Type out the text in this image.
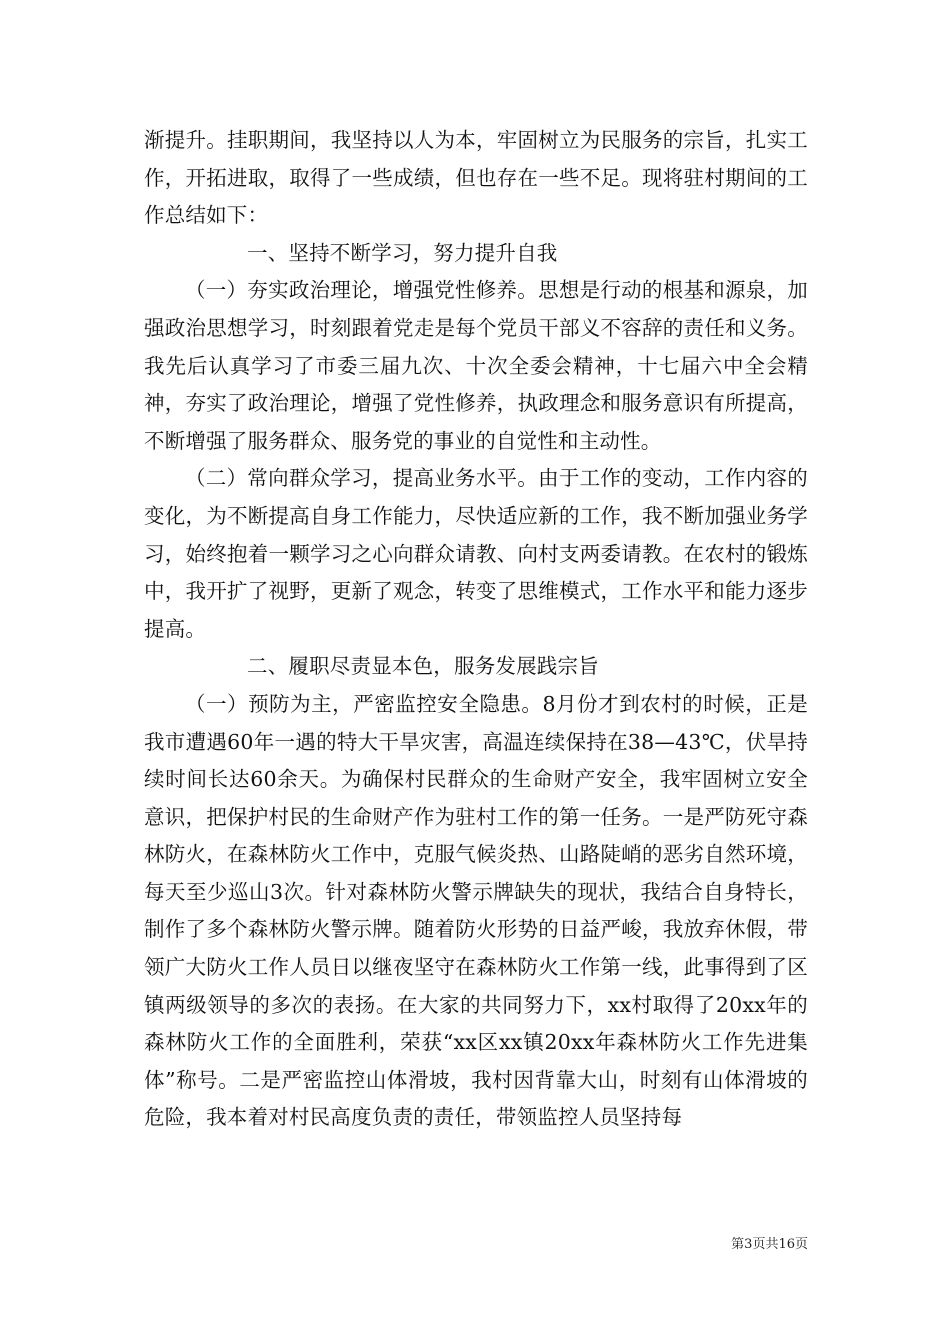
渐提升。挂职期间，我坚持以人为本，牢固树立为民服务的宗旨，扎实工作，开拓进取，取得了一些成绩，但也存在一些不足。现将驻村期间的工作总结如下：

一、坚持不断学习，努力提升自我

（一）夯实政治理论，增强党性修养。思想是行动的根基和源泉，加强政治思想学习，时刻跟着党走是每个党员干部义不容辞的责任和义务。我先后认真学习了市委三届九次、十次全委会精神，十七届六中全会精神，夯实了政治理论，增强了党性修养，执政理念和服务意识有所提高，不断增强了服务群众、服务党的事业的自觉性和主动性。

（二）常向群众学习，提高业务水平。由于工作的变动，工作内容的变化，为不断提高自身工作能力，尽快适应新的工作，我不断加强业务学习，始终抱着一颗学习之心向群众请教、向村支两委请教。在农村的锻炼中，我开扩了视野，更新了观念，转变了思维模式，工作水平和能力逐步提高。

二、履职尽责显本色，服务发展践宗旨

（一）预防为主，严密监控安全隐患。8月份才到农村的时候，正是我市遭遇60年一遇的特大干旱灾害，高温连续保持在38—43℃，伏旱持续时间长达60余天。为确保村民群众的生命财产安全，我牢固树立安全意识，把保护村民的生命财产作为驻村工作的第一任务。一是严防死守森林防火，在森林防火工作中，克服气候炎热、山路陡峭的恶劣自然环境，每天至少巡山3次。针对森林防火警示牌缺失的现状，我结合自身特长，制作了多个森林防火警示牌。随着防火形势的日益严峻，我放弃休假，带领广大防火工作人员日以继夜坚守在森林防火工作第一线，此事得到了区镇两级领导的多次的表扬。在大家的共同努力下，xx村取得了20xx年的森林防火工作的全面胜利，荣获“xx区xx镇20xx年森林防火工作先进集体”称号。二是严密监控山体滑坡，我村因背靠大山，时刻有山体滑坡的危险，我本着对村民高度负责的责任，带领监控人员坚持每

第3页共16页
